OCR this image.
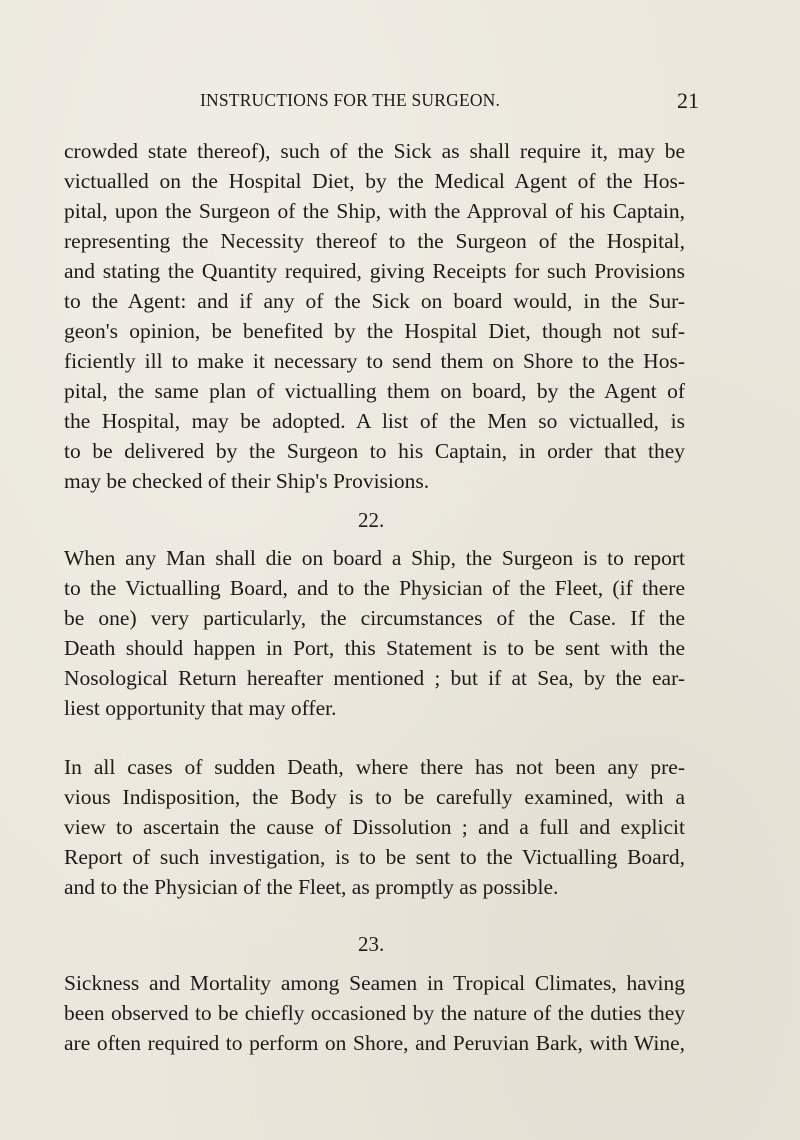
INSTRUCTIONS FOR THE SURGEON.	21
crowded state thereof), such of the Sick as shall require it, may be
victualled on the Hospital Diet, by the Medical Agent of the Hos-
pital, upon the Surgeon of the Ship, with the Approval of his Captain,
representing the Necessity thereof to the Surgeon of the Hospital,
and stating the Quantity required, giving Receipts for such Provisions
to the Agent: and if any of the Sick on board would, in the Sur-
geon's opinion, be benefited by the Hospital Diet, though not suf-
ficiently ill to make it necessary to send them on Shore to the Hos-
pital, the same plan of victualling them on board, by the Agent of
the Hospital, may be adopted. A list of the Men so victualled, is
to be delivered by the Surgeon to his Captain, in order that they
may be checked of their Ship's Provisions.
22.
When any Man shall die on board a Ship, the Surgeon is to report
to the Victualling Board, and to the Physician of the Fleet, (if there
be one) very particularly, the circumstances of the Case. If the
Death should happen in Port, this Statement is to be sent with the
Nosological Return hereafter mentioned ; but if at Sea, by the ear-
liest opportunity that may offer.
In all cases of sudden Death, where there has not been any pre-
vious Indisposition, the Body is to be carefully examined, with a
view to ascertain the cause of Dissolution ; and a full and explicit
Report of such investigation, is to be sent to the Victualling Board,
and to the Physician of the Fleet, as promptly as possible.
23.
Sickness and Mortality among Seamen in Tropical Climates, having
been observed to be chiefly occasioned by the nature of the duties they
are often required to perform on Shore, and Peruvian Bark, with Wine,
